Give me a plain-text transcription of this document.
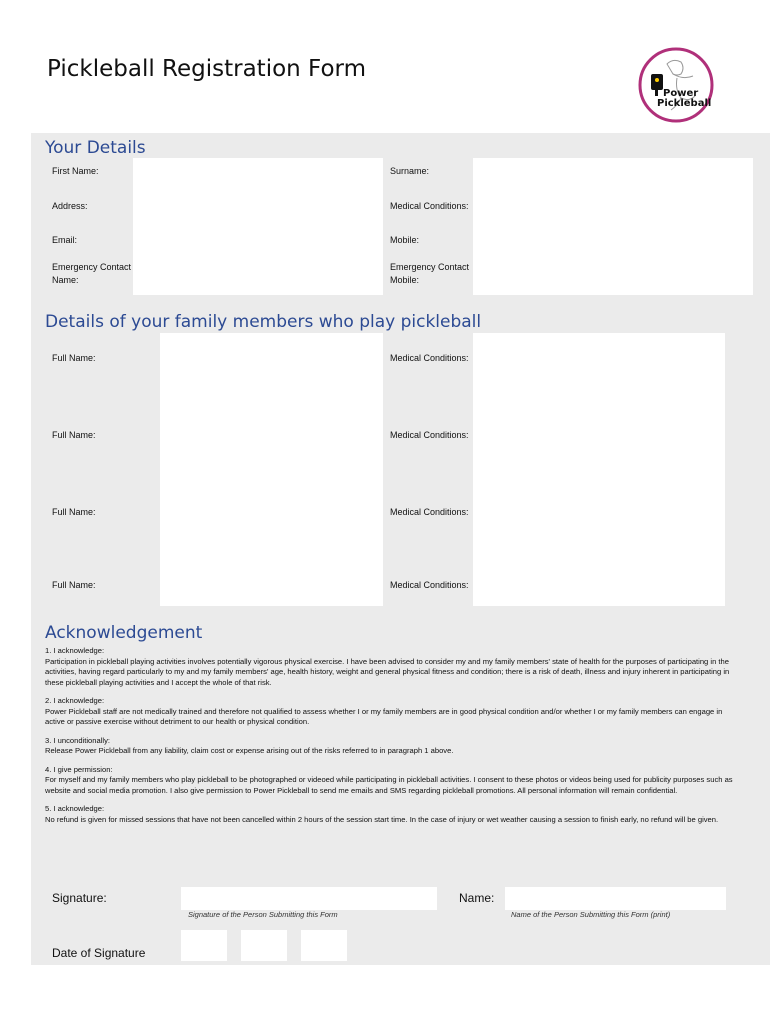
Pickleball Registration Form
Power
Pickleball
Your Details
First Name:		Surname:	
Address:		Medical Conditions:	
Email:		Mobile:	
Emergency Contact Name:		Emergency Contact Mobile:	
Details of your family members who play pickleball
Full Name:		Medical Conditions:	

Full Name:		Medical Conditions:	

Full Name:		Medical Conditions:	

Full Name:		Medical Conditions:	
Acknowledgement

1. I acknowledge:
Participation in pickleball playing activities involves potentially vigorous physical exercise. I have been advised to consider my and my family members' state of health for the purposes of participating in the activities, having regard particularly to my and my family members' age, health history, weight and general physical fitness and condition; there is a risk of death, illness and injury inherent in participating in these pickleball playing activities and I accept the whole of that risk.

2. I acknowledge:
Power Pickleball staff are not medically trained and therefore not qualified to assess whether I or my family members are in good physical condition and/or whether I or my family members can engage in active or passive exercise without detriment to our health or physical condition.

3. I unconditionally:
Release Power Pickleball from any liability, claim cost or expense arising out of the risks referred to in paragraph 1 above.

4. I give permission:
For myself and my family members who play pickleball to be photographed or videoed while participating in pickleball activities. I consent to these photos or videos being used for publicity purposes such as website and social media promotion. I also give permission to Power Pickleball to send me emails and SMS regarding pickleball promotions. All personal information will remain confidential.

5. I acknowledge:
No refund is given for missed sessions that have not been cancelled within 2 hours of the session start time. In the case of injury or wet weather causing a session to finish early, no refund will be given.

Signature:
Signature of the Person Submitting this Form
Name:
Name of the Person Submitting this Form (print)
Date of Signature
